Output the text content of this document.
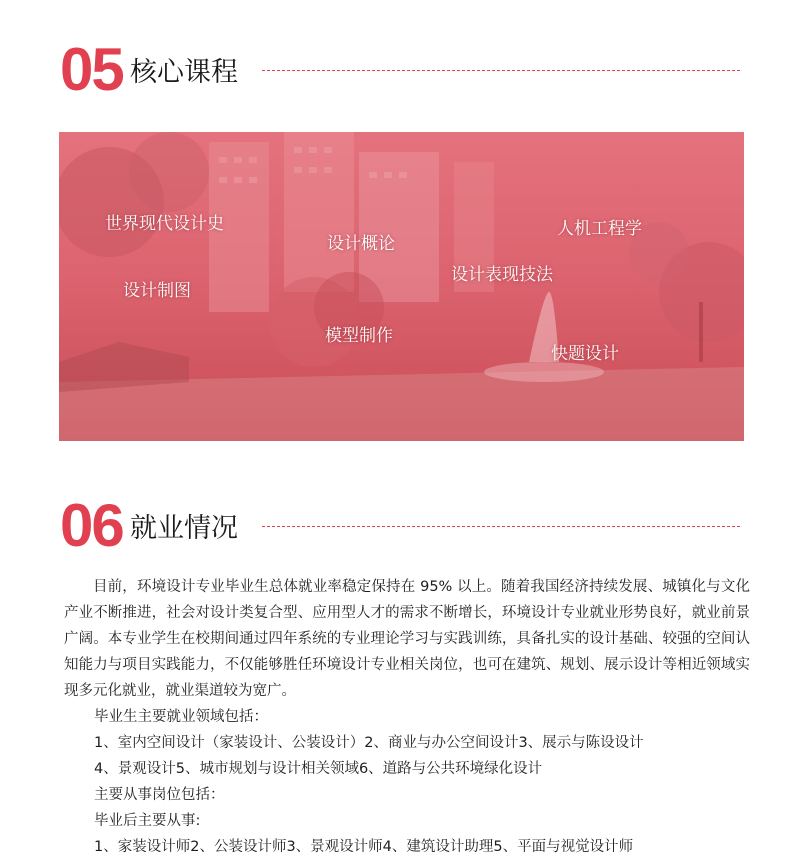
05 核心课程
世界现代设计史
设计概论
人机工程学
设计制图
设计表现技法
模型制作
快题设计
06 就业情况

目前，环境设计专业毕业生总体就业率稳定保持在 95% 以上。随着我国经济持续发展、城镇化与文化产业不断推进，社会对设计类复合型、应用型人才的需求不断增长，环境设计专业就业形势良好，就业前景广阔。本专业学生在校期间通过四年系统的专业理论学习与实践训练，具备扎实的设计基础、较强的空间认知能力与项目实践能力，不仅能够胜任环境设计专业相关岗位，也可在建筑、规划、展示设计等相近领域实现多元化就业，就业渠道较为宽广。

毕业生主要就业领域包括：
1、室内空间设计（家装设计、公装设计）2、商业与办公空间设计3、展示与陈设设计
4、景观设计5、城市规划与设计相关领域6、道路与公共环境绿化设计
主要从事岗位包括：
毕业后主要从事:
1、家装设计师2、公装设计师3、景观设计师4、建筑设计助理5、平面与视觉设计师
